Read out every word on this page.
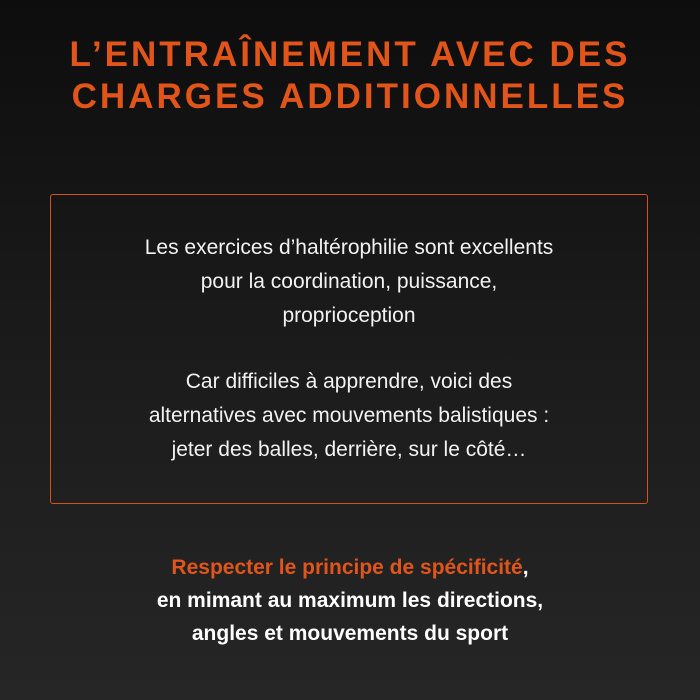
L’ENTRAÎNEMENT AVEC DES
CHARGES ADDITIONNELLES

Les exercices d’haltérophilie sont excellents
pour la coordination, puissance,
proprioception

Car difficiles à apprendre, voici des
alternatives avec mouvements balistiques :
jeter des balles, derrière, sur le côté…

Respecter le principe de spécificité,
en mimant au maximum les directions,
angles et mouvements du sport
